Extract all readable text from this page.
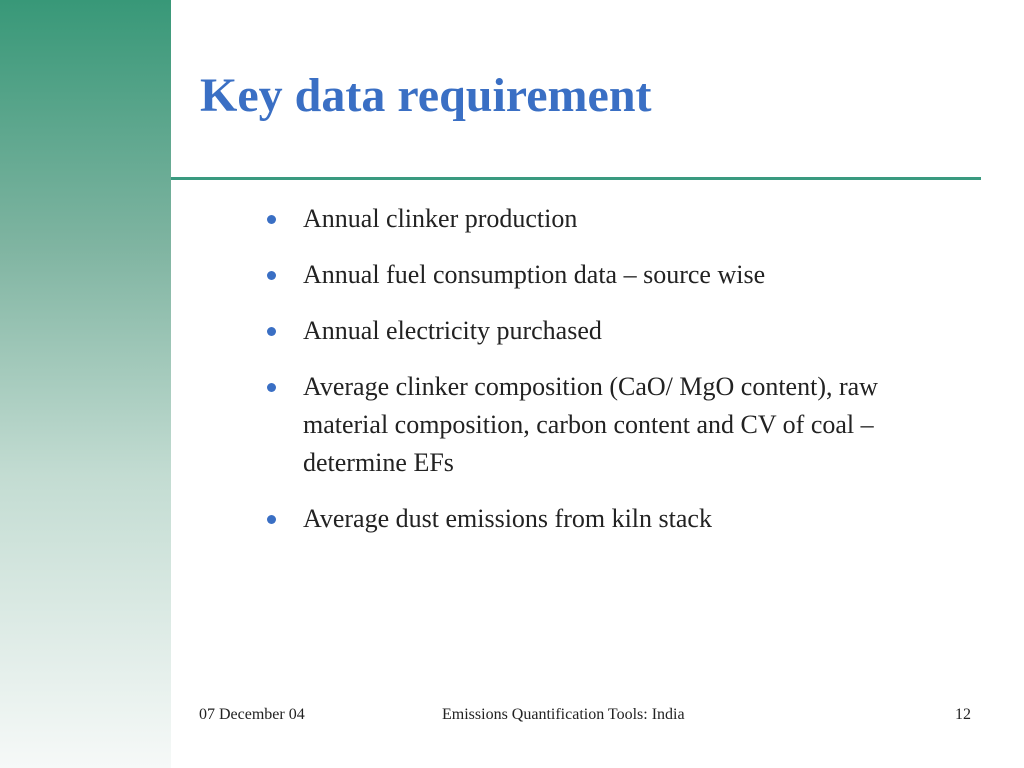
Key data requirement
Annual clinker production
Annual fuel consumption data – source wise
Annual electricity purchased
Average clinker composition (CaO/ MgO content), raw material composition, carbon content and CV of coal – determine EFs
Average dust emissions from kiln stack
07 December 04	Emissions Quantification Tools: India	12
